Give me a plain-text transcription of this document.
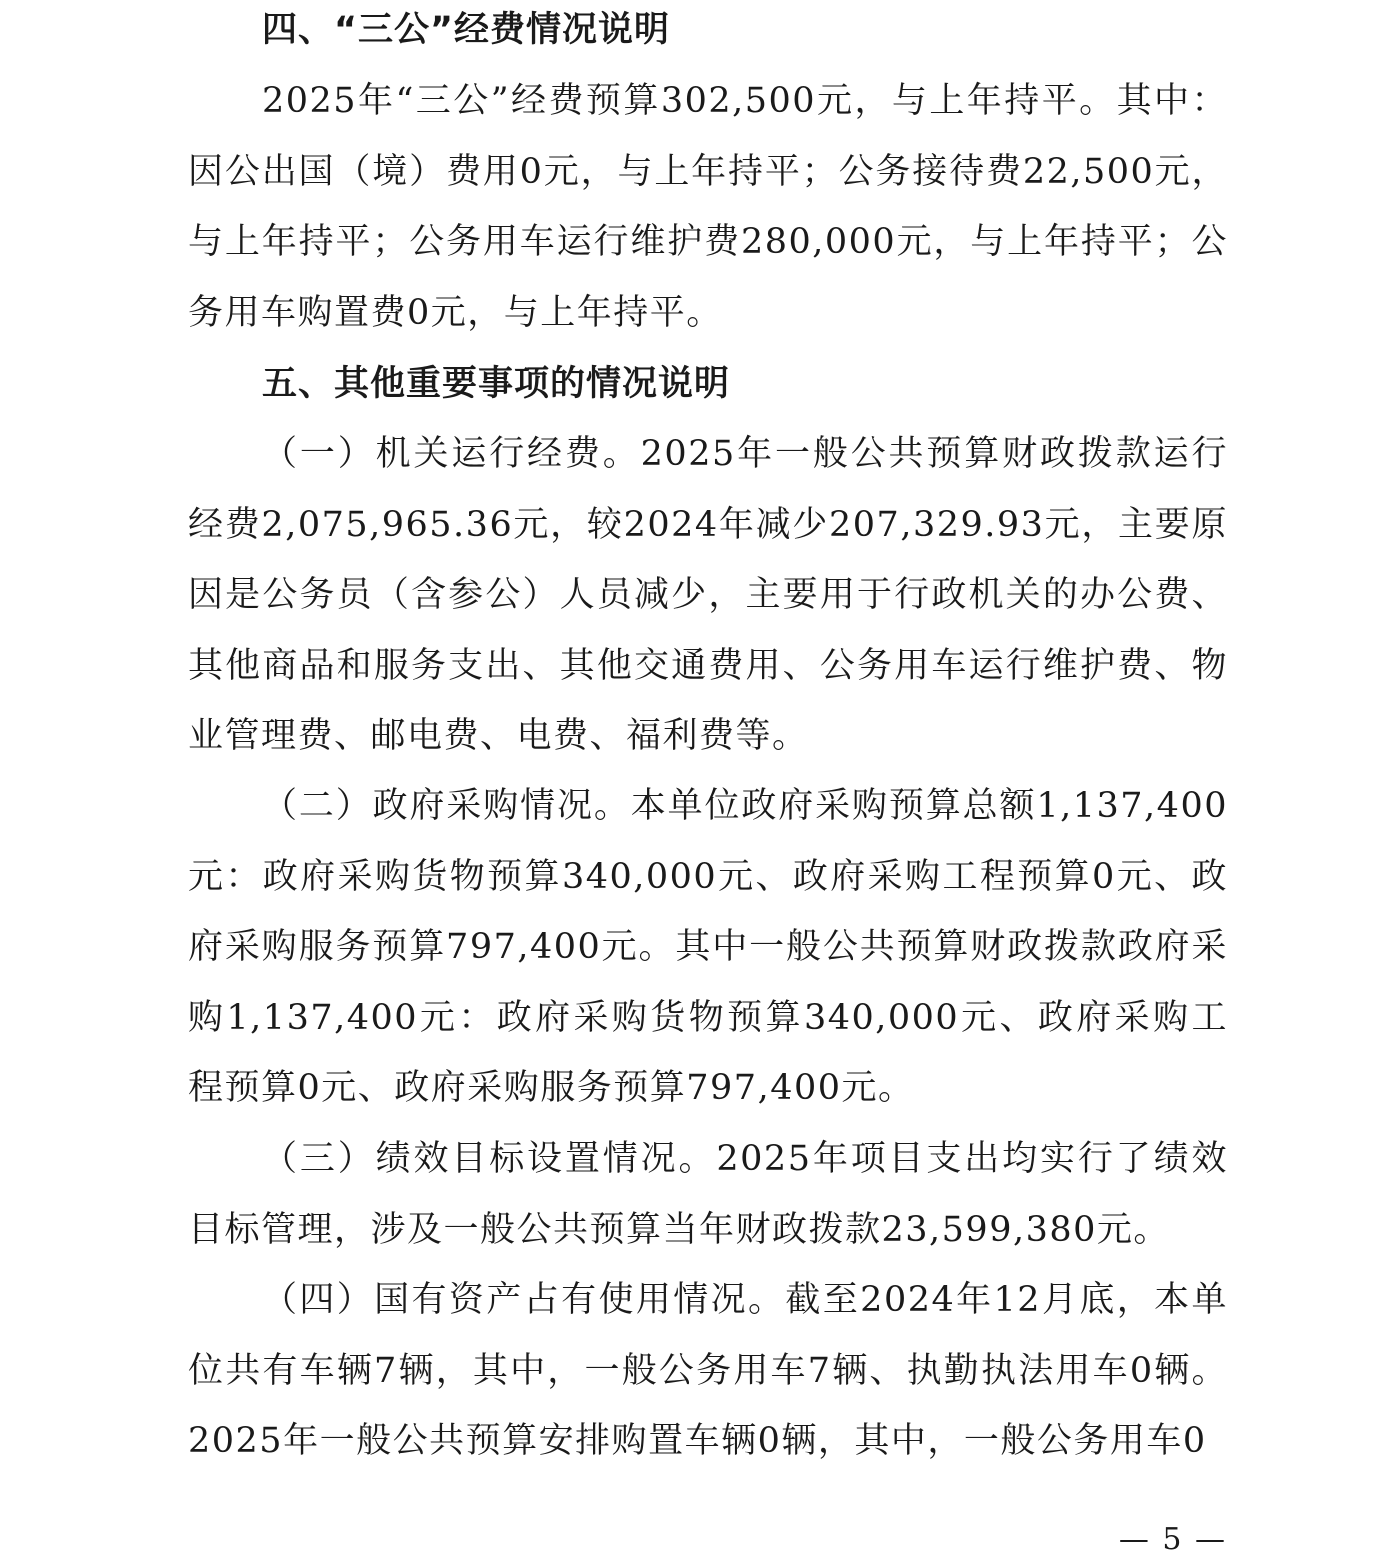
四、“三公”经费情况说明

2025年“三公”经费预算302,500元，与上年持平。其中：因公出国（境）费用0元，与上年持平；公务接待费22,500元，与上年持平；公务用车运行维护费280,000元，与上年持平；公务用车购置费0元，与上年持平。

五、其他重要事项的情况说明

（一）机关运行经费。2025年一般公共预算财政拨款运行经费2,075,965.36元，较2024年减少207,329.93元，主要原因是公务员（含参公）人员减少，主要用于行政机关的办公费、其他商品和服务支出、其他交通费用、公务用车运行维护费、物业管理费、邮电费、电费、福利费等。

（二）政府采购情况。本单位政府采购预算总额1,137,400元：政府采购货物预算340,000元、政府采购工程预算0元、政府采购服务预算797,400元。其中一般公共预算财政拨款政府采购1,137,400元：政府采购货物预算340,000元、政府采购工程预算0元、政府采购服务预算797,400元。

（三）绩效目标设置情况。2025年项目支出均实行了绩效目标管理，涉及一般公共预算当年财政拨款23,599,380元。

（四）国有资产占有使用情况。截至2024年12月底，本单位共有车辆7辆，其中，一般公务用车7辆、执勤执法用车0辆。2025年一般公共预算安排购置车辆0辆，其中，一般公务用车0

— 5 —
